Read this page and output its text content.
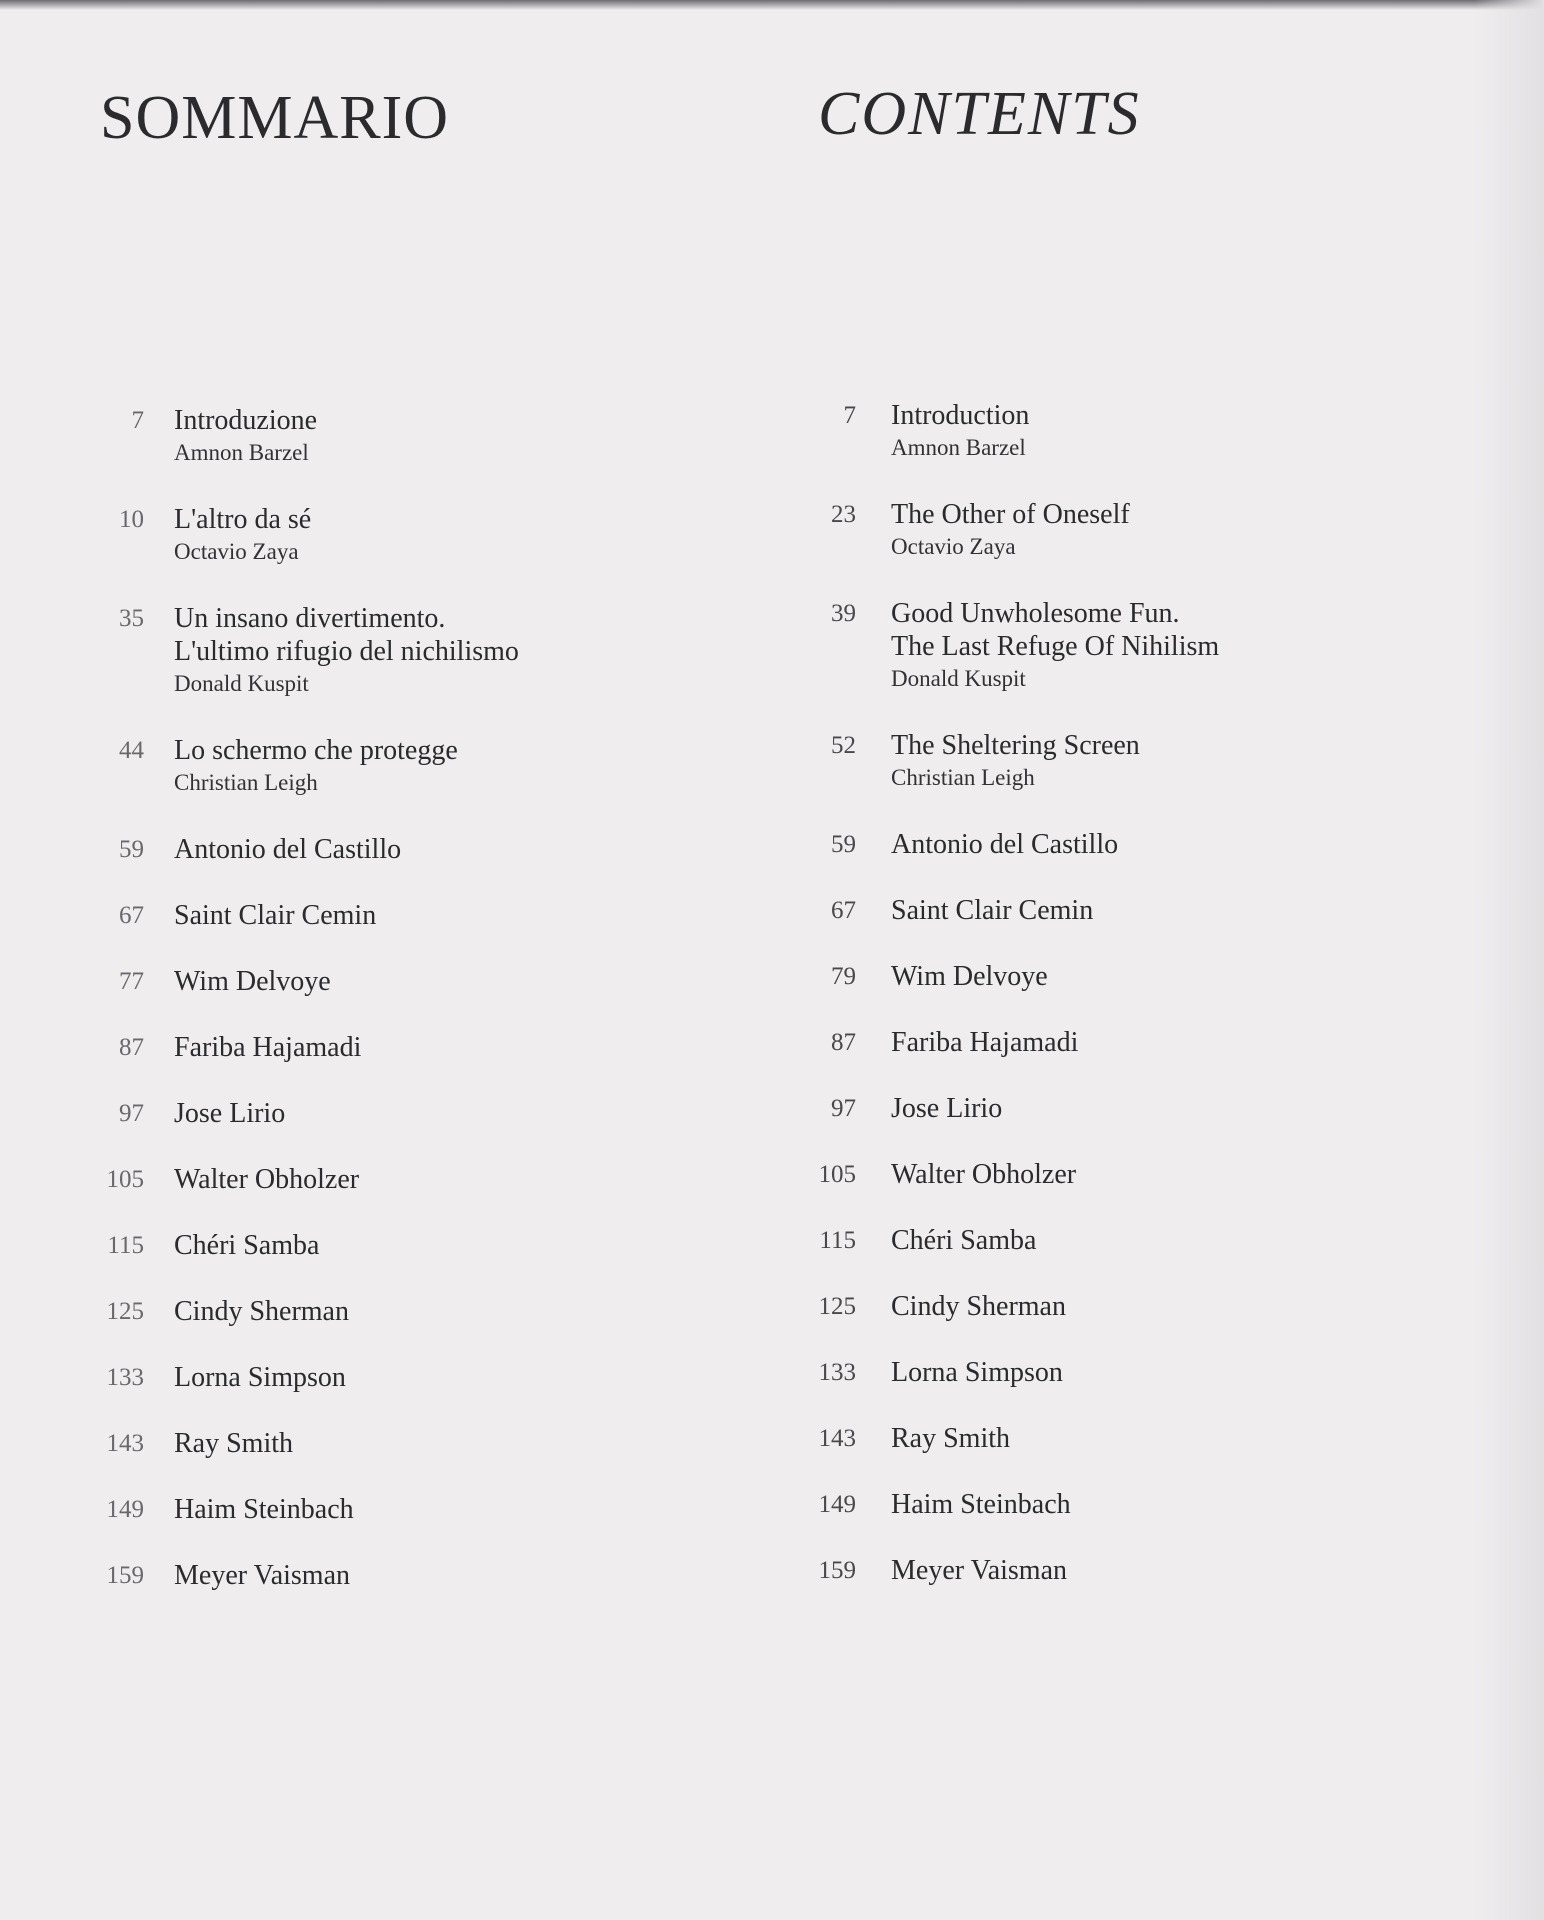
SOMMARIO
7 Introduzione
Amnon Barzel
10 L'altro da sé
Octavio Zaya
35 Un insano divertimento.
L'ultimo rifugio del nichilismo
Donald Kuspit
44 Lo schermo che protegge
Christian Leigh
59 Antonio del Castillo
67 Saint Clair Cemin
77 Wim Delvoye
87 Fariba Hajamadi
97 Jose Lirio
105 Walter Obholzer
115 Chéri Samba
125 Cindy Sherman
133 Lorna Simpson
143 Ray Smith
149 Haim Steinbach
159 Meyer Vaisman
CONTENTS
7 Introduction
Amnon Barzel
23 The Other of Oneself
Octavio Zaya
39 Good Unwholesome Fun.
The Last Refuge Of Nihilism
Donald Kuspit
52 The Sheltering Screen
Christian Leigh
59 Antonio del Castillo
67 Saint Clair Cemin
79 Wim Delvoye
87 Fariba Hajamadi
97 Jose Lirio
105 Walter Obholzer
115 Chéri Samba
125 Cindy Sherman
133 Lorna Simpson
143 Ray Smith
149 Haim Steinbach
159 Meyer Vaisman
